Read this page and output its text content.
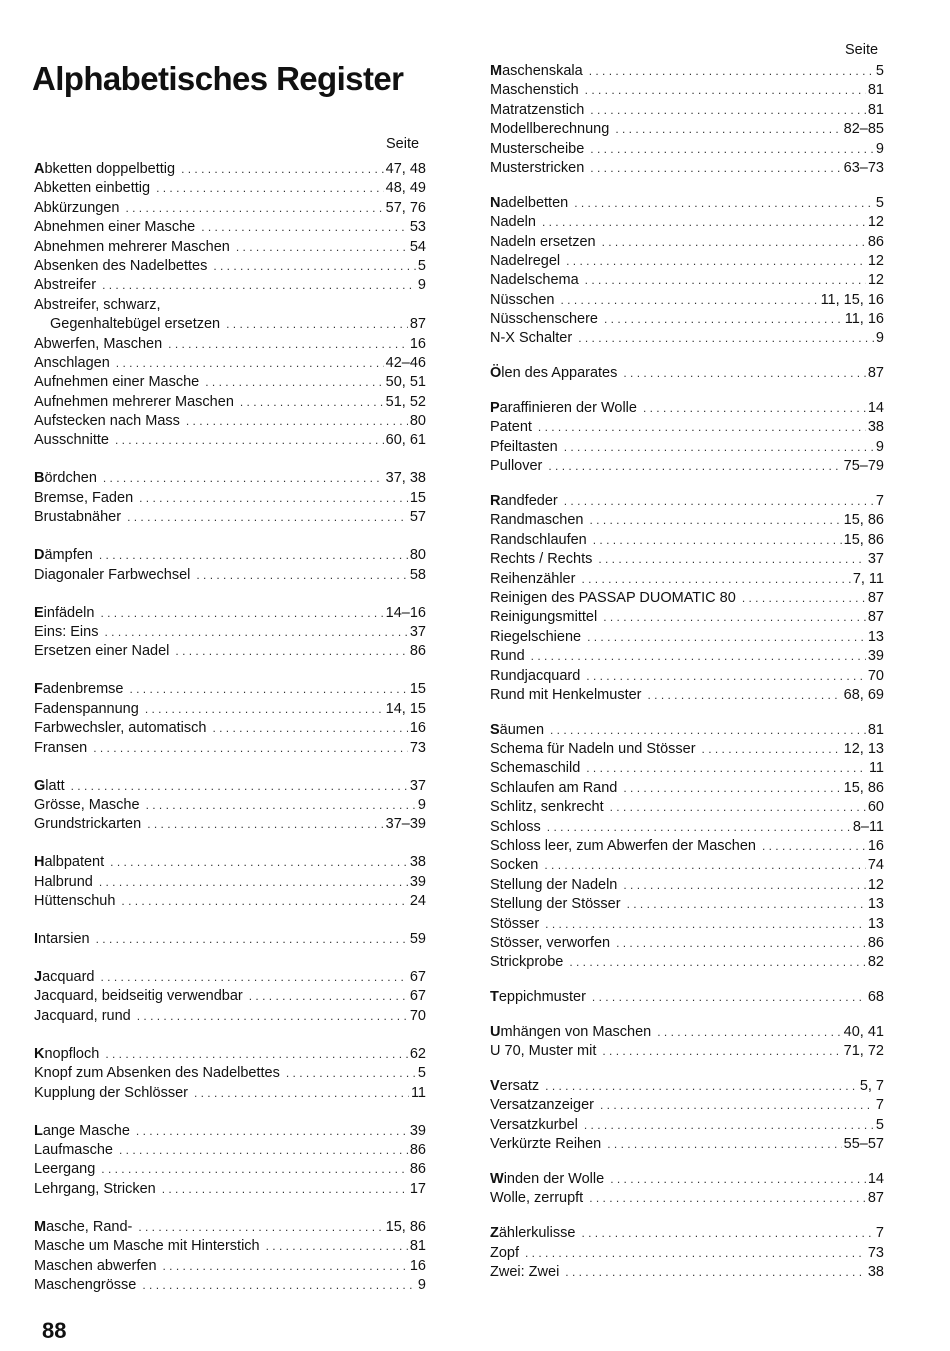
Alphabetisches Register
Seite
Seite
Abketten doppelbettig . . .	47, 48
Abketten einbettig . . .	48, 49
Abkürzungen . . .	57, 76
Abnehmen einer Masche . . .	53
Abnehmen mehrerer Maschen . . .	54
Absenken des Nadelbettes . . .	5
Abstreifer . . .	9
Abstreifer, schwarz,
Gegenhaltebügel ersetzen . . .	87
Abwerfen, Maschen . . .	16
Anschlagen . . .	42–46
Aufnehmen einer Masche . . .	50, 51
Aufnehmen mehrerer Maschen . . .	51, 52
Aufstecken nach Mass . . .	80
Ausschnitte . . .	60, 61
Bördchen . . .	37, 38
Bremse, Faden . . .	15
Brustabnäher . . .	57
Dämpfen . . .	80
Diagonaler Farbwechsel . . .	58
Einfädeln . . .	14–16
Eins: Eins . . .	37
Ersetzen einer Nadel . . .	86
Fadenbremse . . .	15
Fadenspannung . . .	14, 15
Farbwechsler, automatisch . . .	16
Fransen . . .	73
Glatt . . .	37
Grösse, Masche . . .	9
Grundstrickarten . . .	37–39
Halbpatent . . .	38
Halbrund . . .	39
Hüttenschuh . . .	24
Intarsien . . .	59
Jacquard . . .	67
Jacquard, beidseitig verwendbar . . .	67
Jacquard, rund . . .	70
Knopfloch . . .	62
Knopf zum Absenken des Nadelbettes . . .	5
Kupplung der Schlösser . . .	11
Lange Masche . . .	39
Laufmasche . . .	86
Leergang . . .	86
Lehrgang, Stricken . . .	17
Masche, Rand- . . .	15, 86
Masche um Masche mit Hinterstich . . .	81
Maschen abwerfen . . .	16
Maschengrösse . . .	9
Maschenskala . . .	5
Maschenstich . . .	81
Matratzenstich . . .	81
Modellberechnung . . .	82–85
Musterscheibe . . .	9
Musterstricken . . .	63–73
Nadelbetten . . .	5
Nadeln . . .	12
Nadeln ersetzen . . .	86
Nadelregel . . .	12
Nadelschema . . .	12
Nüsschen . . .	11, 15, 16
Nüsschenschere . . .	11, 16
N-X Schalter . . .	9
Ölen des Apparates . . .	87
Paraffinieren der Wolle . . .	14
Patent . . .	38
Pfeiltasten . . .	9
Pullover . . .	75–79
Randfeder . . .	7
Randmaschen . . .	15, 86
Randschlaufen . . .	15, 86
Rechts / Rechts . . .	37
Reihenzähler . . .	7, 11
Reinigen des PASSAP DUOMATIC 80 . . .	87
Reinigungsmittel . . .	87
Riegelschiene . . .	13
Rund . . .	39
Rundjacquard . . .	70
Rund mit Henkelmuster . . .	68, 69
Säumen . . .	81
Schema für Nadeln und Stösser . . .	12, 13
Schemaschild . . .	11
Schlaufen am Rand . . .	15, 86
Schlitz, senkrecht . . .	60
Schloss . . .	8–11
Schloss leer, zum Abwerfen der Maschen . . .	16
Socken . . .	74
Stellung der Nadeln . . .	12
Stellung der Stösser . . .	13
Stösser . . .	13
Stösser, verworfen . . .	86
Strickprobe . . .	82
Teppichmuster . . .	68
Umhängen von Maschen . . .	40, 41
U 70, Muster mit . . .	71, 72
Versatz . . .	5, 7
Versatzanzeiger . . .	7
Versatzkurbel . . .	5
Verkürzte Reihen . . .	55–57
Winden der Wolle . . .	14
Wolle, zerrupft . . .	87
Zählerkulisse . . .	7
Zopf . . .	73
Zwei: Zwei . . .	38
88
